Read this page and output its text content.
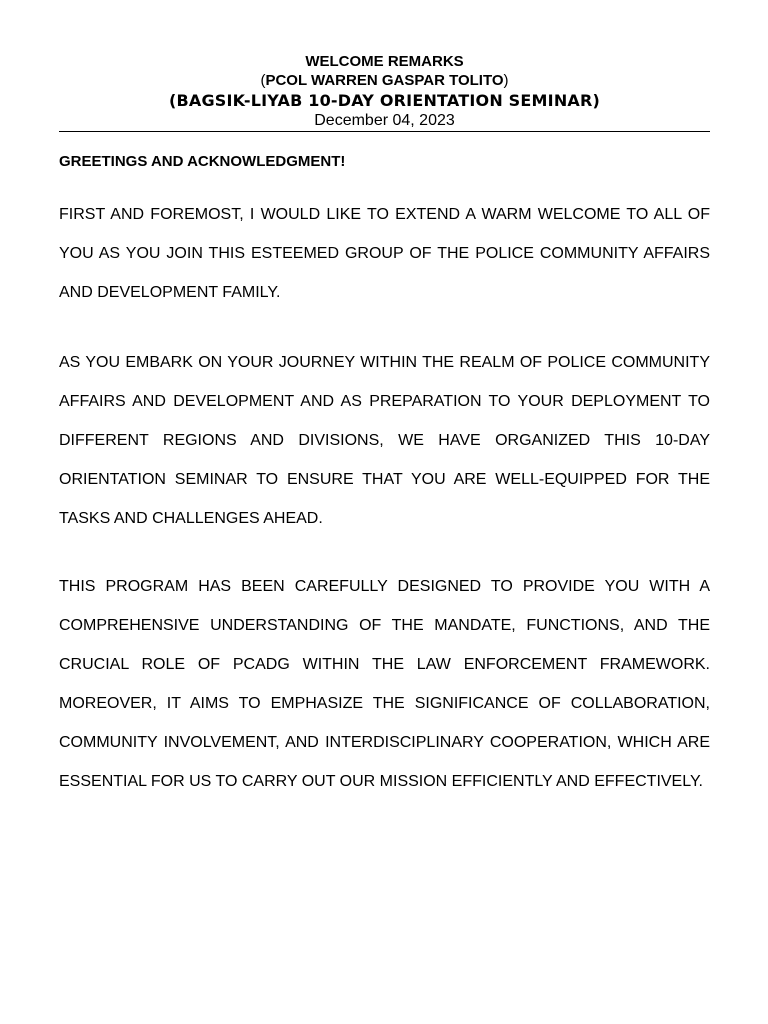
WELCOME REMARKS
(PCOL WARREN GASPAR TOLITO)
(BAGSIK-LIYAB 10-DAY ORIENTATION SEMINAR)
December 04, 2023
GREETINGS AND ACKNOWLEDGMENT!
FIRST AND FOREMOST, I WOULD LIKE TO EXTEND A WARM WELCOME TO ALL OF YOU AS YOU JOIN THIS ESTEEMED GROUP OF THE POLICE COMMUNITY AFFAIRS AND DEVELOPMENT FAMILY.
AS YOU EMBARK ON YOUR JOURNEY WITHIN THE REALM OF POLICE COMMUNITY AFFAIRS AND DEVELOPMENT AND AS PREPARATION TO YOUR DEPLOYMENT TO DIFFERENT REGIONS AND DIVISIONS, WE HAVE ORGANIZED THIS 10-DAY ORIENTATION SEMINAR TO ENSURE THAT YOU ARE WELL-EQUIPPED FOR THE TASKS AND CHALLENGES AHEAD.
THIS PROGRAM HAS BEEN CAREFULLY DESIGNED TO PROVIDE YOU WITH A COMPREHENSIVE UNDERSTANDING OF THE MANDATE, FUNCTIONS, AND THE CRUCIAL ROLE OF PCADG WITHIN THE LAW ENFORCEMENT FRAMEWORK. MOREOVER, IT AIMS TO EMPHASIZE THE SIGNIFICANCE OF COLLABORATION, COMMUNITY INVOLVEMENT, AND INTERDISCIPLINARY COOPERATION, WHICH ARE ESSENTIAL FOR US TO CARRY OUT OUR MISSION EFFICIENTLY AND EFFECTIVELY.
